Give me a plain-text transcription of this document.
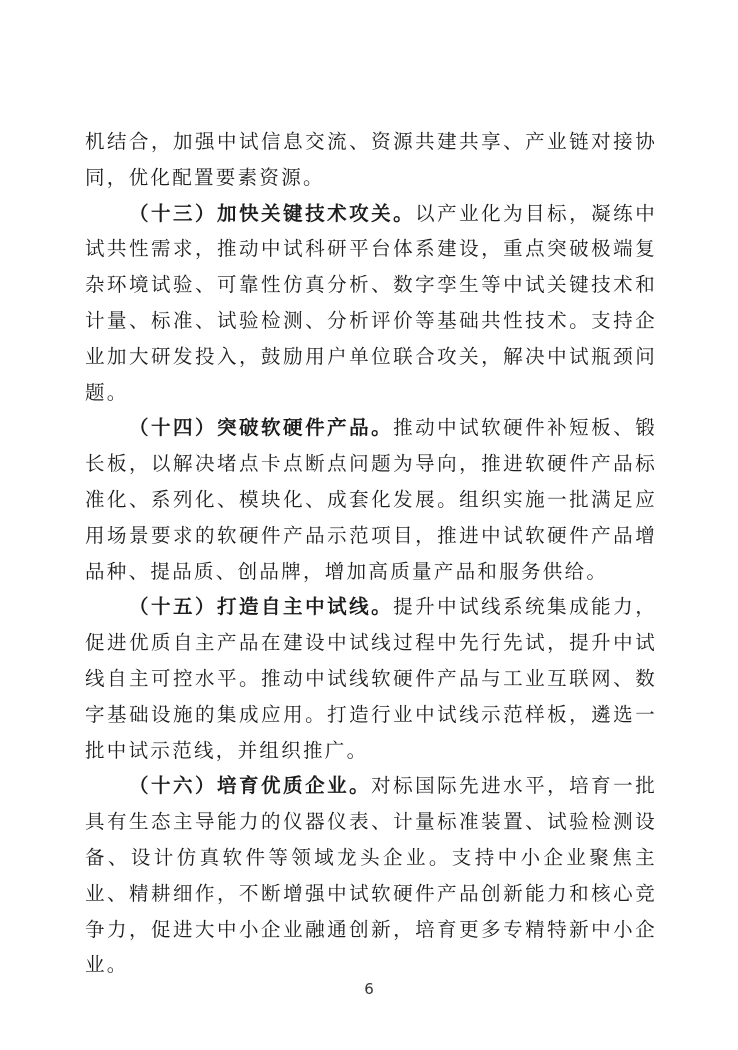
机结合，加强中试信息交流、资源共建共享、产业链对接协同，优化配置要素资源。

（十三）加快关键技术攻关。以产业化为目标，凝练中试共性需求，推动中试科研平台体系建设，重点突破极端复杂环境试验、可靠性仿真分析、数字孪生等中试关键技术和计量、标准、试验检测、分析评价等基础共性技术。支持企业加大研发投入，鼓励用户单位联合攻关，解决中试瓶颈问题。

（十四）突破软硬件产品。推动中试软硬件补短板、锻长板，以解决堵点卡点断点问题为导向，推进软硬件产品标准化、系列化、模块化、成套化发展。组织实施一批满足应用场景要求的软硬件产品示范项目，推进中试软硬件产品增品种、提品质、创品牌，增加高质量产品和服务供给。

（十五）打造自主中试线。提升中试线系统集成能力，促进优质自主产品在建设中试线过程中先行先试，提升中试线自主可控水平。推动中试线软硬件产品与工业互联网、数字基础设施的集成应用。打造行业中试线示范样板，遴选一批中试示范线，并组织推广。

（十六）培育优质企业。对标国际先进水平，培育一批具有生态主导能力的仪器仪表、计量标准装置、试验检测设备、设计仿真软件等领域龙头企业。支持中小企业聚焦主业、精耕细作，不断增强中试软硬件产品创新能力和核心竞争力，促进大中小企业融通创新，培育更多专精特新中小企业。

6
